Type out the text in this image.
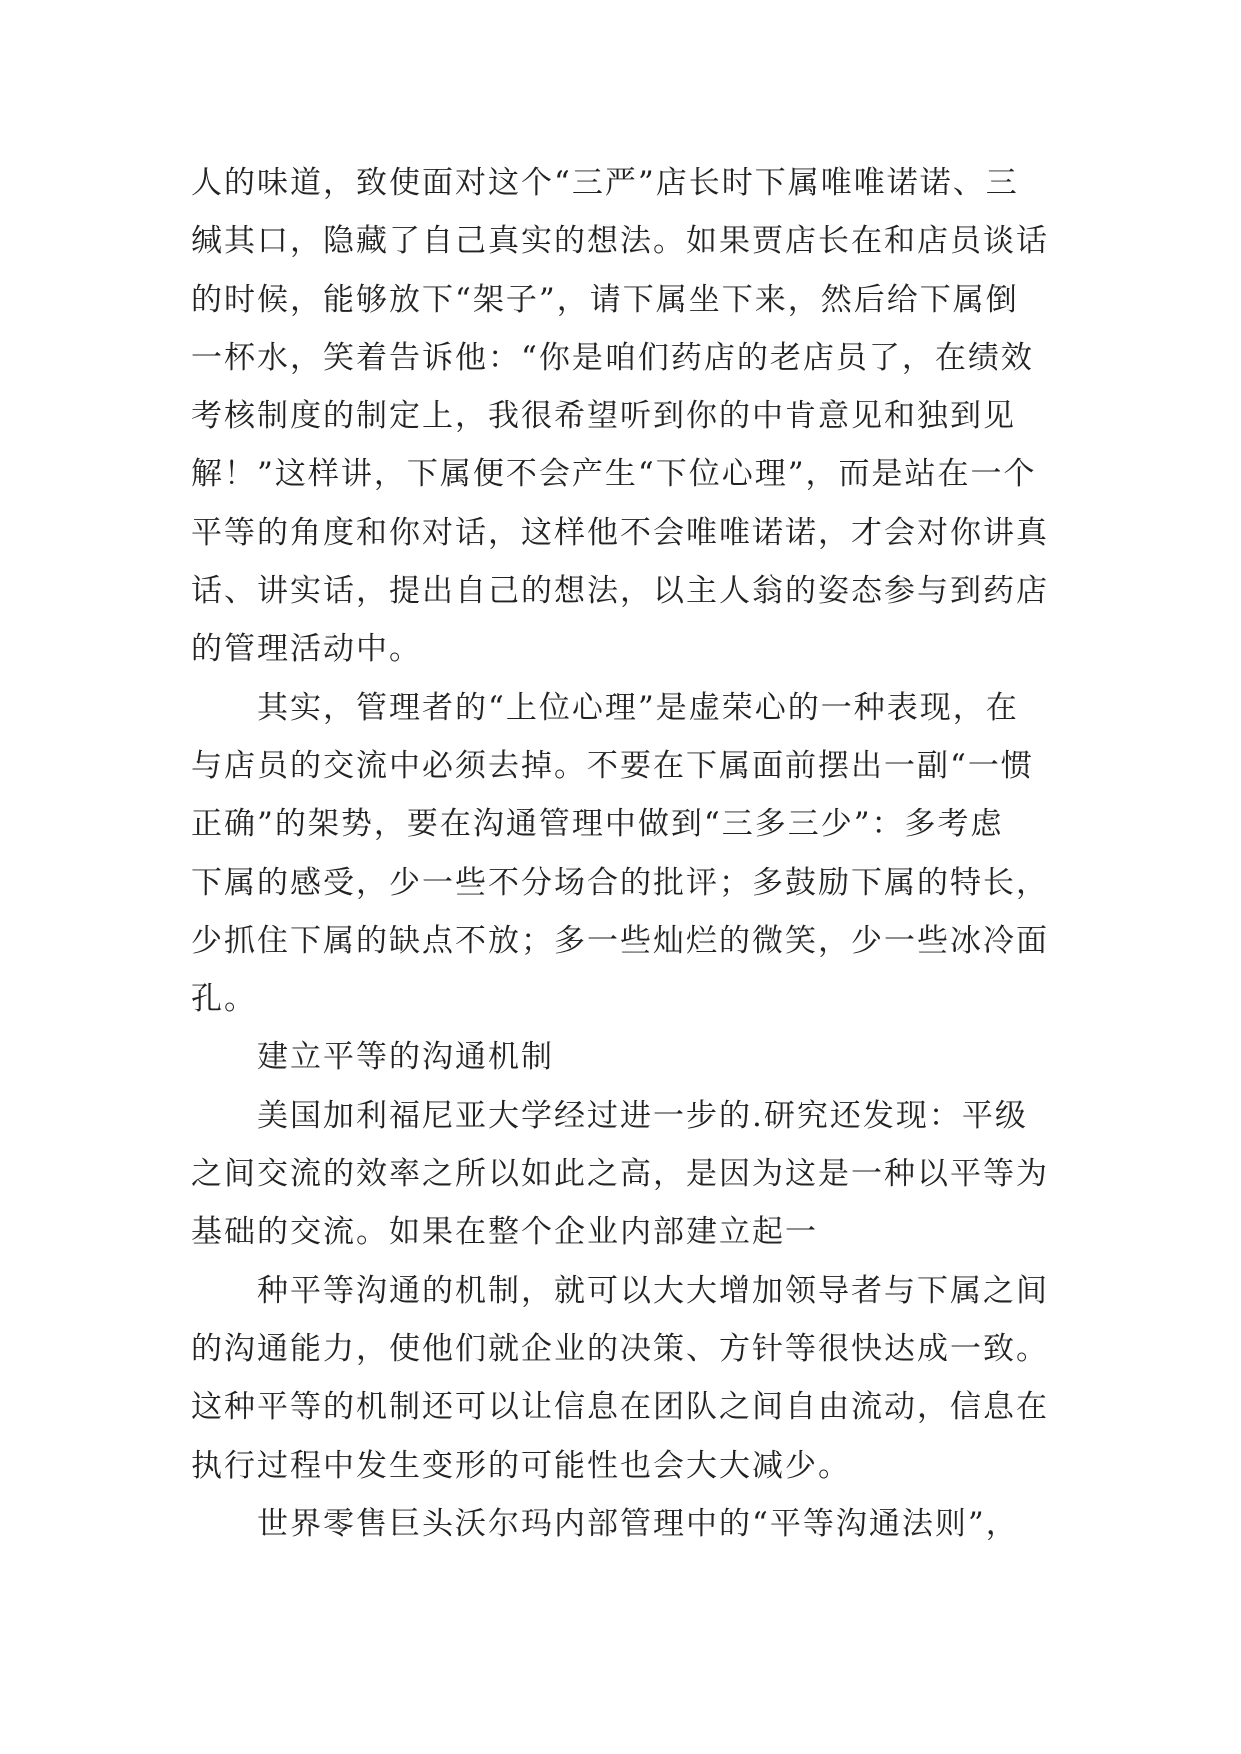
人的味道，致使面对这个“三严”店长时下属唯唯诺诺、三
缄其口，隐藏了自己真实的想法。如果贾店长在和店员谈话
的时候，能够放下“架子”，请下属坐下来，然后给下属倒
一杯水，笑着告诉他：“你是咱们药店的老店员了，在绩效
考核制度的制定上，我很希望听到你的中肯意见和独到见
解！”这样讲，下属便不会产生“下位心理”，而是站在一个
平等的角度和你对话，这样他不会唯唯诺诺，才会对你讲真
话、讲实话，提出自己的想法，以主人翁的姿态参与到药店
的管理活动中。
其实，管理者的“上位心理”是虚荣心的一种表现，在
与店员的交流中必须去掉。不要在下属面前摆出一副“一惯
正确”的架势，要在沟通管理中做到“三多三少”：多考虑
下属的感受，少一些不分场合的批评；多鼓励下属的特长，
少抓住下属的缺点不放；多一些灿烂的微笑，少一些冰冷面
孔。
建立平等的沟通机制
美国加利福尼亚大学经过进一步的.研究还发现：平级
之间交流的效率之所以如此之高，是因为这是一种以平等为
基础的交流。如果在整个企业内部建立起一
种平等沟通的机制，就可以大大增加领导者与下属之间
的沟通能力，使他们就企业的决策、方针等很快达成一致。
这种平等的机制还可以让信息在团队之间自由流动，信息在
执行过程中发生变形的可能性也会大大减少。
世界零售巨头沃尔玛内部管理中的“平等沟通法则”，
